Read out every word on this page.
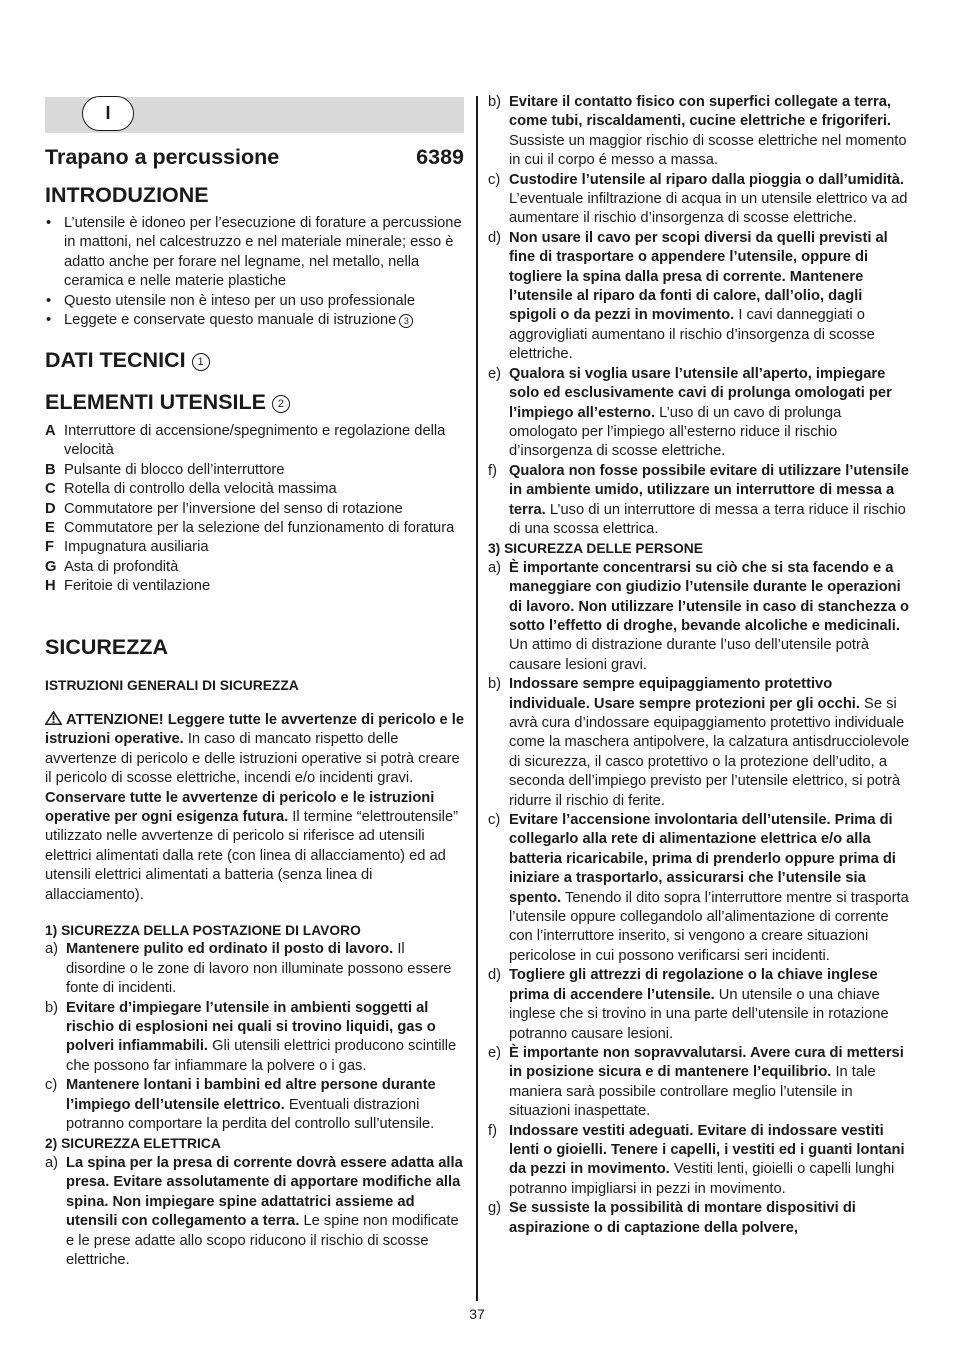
I
Trapano a percussione	6389
INTRODUZIONE
• L’utensile è idoneo per l’esecuzione di forature a percussione in mattoni, nel calcestruzzo e nel materiale minerale; esso è adatto anche per forare nel legname, nel metallo, nella ceramica e nelle materie plastiche
• Questo utensile non è inteso per un uso professionale
• Leggete e conservate questo manuale di istruzione 3
DATI TECNICI 1
ELEMENTI UTENSILE 2
A Interruttore di accensione/spegnimento e regolazione della velocità
B Pulsante di blocco dell’interruttore
C Rotella di controllo della velocità massima
D Commutatore per l’inversione del senso di rotazione
E Commutatore per la selezione del funzionamento di foratura
F Impugnatura ausiliaria
G Asta di profondità
H Feritoie di ventilazione
SICUREZZA
ISTRUZIONI GENERALI DI SICUREZZA
ATTENZIONE! Leggere tutte le avvertenze di pericolo e le istruzioni operative. In caso di mancato rispetto delle avvertenze di pericolo e delle istruzioni operative si potrà creare il pericolo di scosse elettriche, incendi e/o incidenti gravi. Conservare tutte le avvertenze di pericolo e le istruzioni operative per ogni esigenza futura. Il termine “elettroutensile” utilizzato nelle avvertenze di pericolo si riferisce ad utensili elettrici alimentati dalla rete (con linea di allacciamento) ed ad utensili elettrici alimentati a batteria (senza linea di allacciamento).
1) SICUREZZA DELLA POSTAZIONE DI LAVORO
a) Mantenere pulito ed ordinato il posto di lavoro. Il disordine o le zone di lavoro non illuminate possono essere fonte di incidenti.
b) Evitare d’impiegare l’utensile in ambienti soggetti al rischio di esplosioni nei quali si trovino liquidi, gas o polveri infiammabili. Gli utensili elettrici producono scintille che possono far infiammare la polvere o i gas.
c) Mantenere lontani i bambini ed altre persone durante l’impiego dell’utensile elettrico. Eventuali distrazioni potranno comportare la perdita del controllo sull’utensile.
2) SICUREZZA ELETTRICA
a) La spina per la presa di corrente dovrà essere adatta alla presa. Evitare assolutamente di apportare modifiche alla spina. Non impiegare spine adattatrici assieme ad utensili con collegamento a terra. Le spine non modificate e le prese adatte allo scopo riducono il rischio di scosse elettriche.
b) Evitare il contatto fisico con superfici collegate a terra, come tubi, riscaldamenti, cucine elettriche e frigoriferi. Sussiste un maggior rischio di scosse elettriche nel momento in cui il corpo é messo a massa.
c) Custodire l’utensile al riparo dalla pioggia o dall’umidità. L’eventuale infiltrazione di acqua in un utensile elettrico va ad aumentare il rischio d’insorgenza di scosse elettriche.
d) Non usare il cavo per scopi diversi da quelli previsti al fine di trasportare o appendere l’utensile, oppure di togliere la spina dalla presa di corrente. Mantenere l’utensile al riparo da fonti di calore, dall’olio, dagli spigoli o da pezzi in movimento. I cavi danneggiati o aggrovigliati aumentano il rischio d’insorgenza di scosse elettriche.
e) Qualora si voglia usare l’utensile all’aperto, impiegare solo ed esclusivamente cavi di prolunga omologati per l’impiego all’esterno. L’uso di un cavo di prolunga omologato per l’impiego all’esterno riduce il rischio d’insorgenza di scosse elettriche.
f) Qualora non fosse possibile evitare di utilizzare l’utensile in ambiente umido, utilizzare un interruttore di messa a terra. L’uso di un interruttore di messa a terra riduce il rischio di una scossa elettrica.
3) SICUREZZA DELLE PERSONE
a) È importante concentrarsi su ciò che si sta facendo e a maneggiare con giudizio l’utensile durante le operazioni di lavoro. Non utilizzare l’utensile in caso di stanchezza o sotto l’effetto di droghe, bevande alcoliche e medicinali. Un attimo di distrazione durante l’uso dell’utensile potrà causare lesioni gravi.
b) Indossare sempre equipaggiamento protettivo individuale. Usare sempre protezioni per gli occhi. Se si avrà cura d’indossare equipaggiamento protettivo individuale come la maschera antipolvere, la calzatura antisdrucciolevole di sicurezza, il casco protettivo o la protezione dell’udito, a seconda dell’impiego previsto per l’utensile elettrico, si potrà ridurre il rischio di ferite.
c) Evitare l’accensione involontaria dell’utensile. Prima di collegarlo alla rete di alimentazione elettrica e/o alla batteria ricaricabile, prima di prenderlo oppure prima di iniziare a trasportarlo, assicurarsi che l’utensile sia spento. Tenendo il dito sopra l’interruttore mentre si trasporta l’utensile oppure collegandolo all’alimentazione di corrente con l’interruttore inserito, si vengono a creare situazioni pericolose in cui possono verificarsi seri incidenti.
d) Togliere gli attrezzi di regolazione o la chiave inglese prima di accendere l’utensile. Un utensile o una chiave inglese che si trovino in una parte dell’utensile in rotazione potranno causare lesioni.
e) È importante non sopravvalutarsi. Avere cura di mettersi in posizione sicura e di mantenere l’equilibrio. In tale maniera sarà possibile controllare meglio l’utensile in situazioni inaspettate.
f) Indossare vestiti adeguati. Evitare di indossare vestiti lenti o gioielli. Tenere i capelli, i vestiti ed i guanti lontani da pezzi in movimento. Vestiti lenti, gioielli o capelli lunghi potranno impigliarsi in pezzi in movimento.
g) Se sussiste la possibilità di montare dispositivi di aspirazione o di captazione della polvere,
37
